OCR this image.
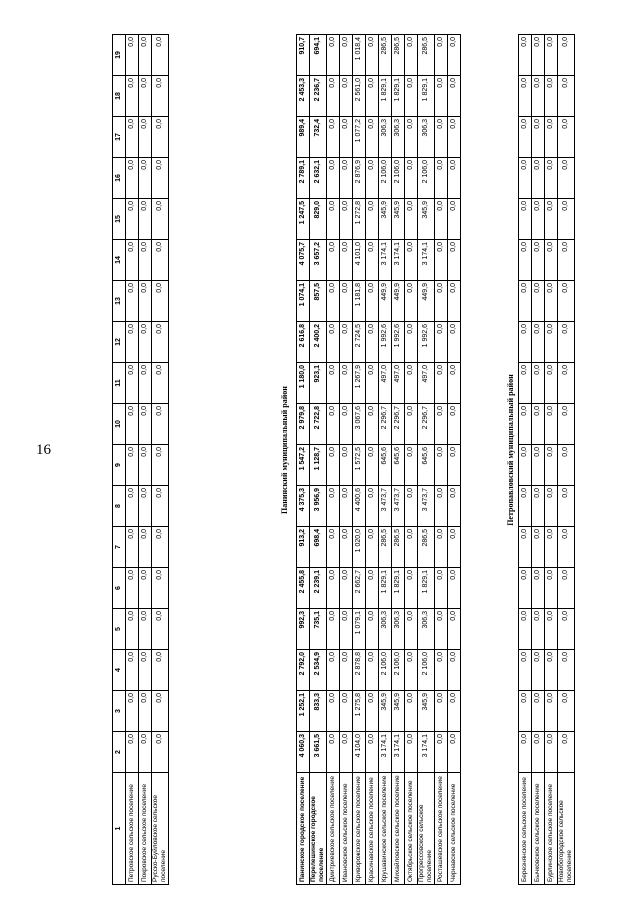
16
1	2	3	4	5	6	7	8	9	10	11	12	13	14	15	16	17	18	19
Петровское сельское поселение	0,0	0,0	0,0	0,0	0,0	0,0	0,0	0,0	0,0	0,0	0,0	0,0	0,0	0,0	0,0	0,0	0,0	0,0
Покровское сельское поселение	0,0	0,0	0,0	0,0	0,0	0,0	0,0	0,0	0,0	0,0	0,0	0,0	0,0	0,0	0,0	0,0	0,0	0,0
Русско-Буйловское сельское поселение	0,0	0,0	0,0	0,0	0,0	0,0	0,0	0,0	0,0	0,0	0,0	0,0	0,0	0,0	0,0	0,0	0,0	0,0
Панинский муниципальный район
Панинское городское поселение	4 060,3	1 252,1	2 792,0	992,3	2 455,8	913,2	4 375,3	1 547,2	2 979,8	1 180,0	2 616,8	1 074,1	4 075,7	1 247,5	2 789,1	989,4	2 453,3	910,7
Перелешинское городское поселение	3 661,5	833,3	2 534,9	735,1	2 239,1	698,4	3 956,9	1 128,7	2 722,8	923,1	2 400,2	857,5	3 657,2	829,0	2 632,1	732,4	2 236,7	694,1
Дмитриевское сельское поселение	0,0	0,0	0,0	0,0	0,0	0,0	0,0	0,0	0,0	0,0	0,0	0,0	0,0	0,0	0,0	0,0	0,0	0,0
Ивановское сельское поселение	0,0	0,0	0,0	0,0	0,0	0,0	0,0	0,0	0,0	0,0	0,0	0,0	0,0	0,0	0,0	0,0	0,0	0,0
Криворожское сельское поселение	4 104,0	1 275,8	2 878,8	1 079,1	2 662,7	1 020,0	4 400,6	1 572,5	3 067,6	1 267,9	2 724,5	1 181,8	4 101,0	1 272,8	2 876,9	1 077,2	2 561,0	1 018,4
Красинавское сельское поселение	0,0	0,0	0,0	0,0	0,0	0,0	0,0	0,0	0,0	0,0	0,0	0,0	0,0	0,0	0,0	0,0	0,0	0,0
Крушавинское сельское поселение	3 174,1	345,9	2 106,0	306,3	1 829,1	286,5	3 473,7	645,6	2 296,7	497,0	1 992,6	449,9	3 174,1	345,9	2 106,0	306,3	1 829,1	286,5
Михайловское сельское поселение	3 174,1	345,9	2 106,0	306,3	1 829,1	286,5	3 473,7	645,6	2 296,7	497,0	1 992,6	449,9	3 174,1	345,9	2 106,0	306,3	1 829,1	286,5
Октябрьское сельское поселение	0,0	0,0	0,0	0,0	0,0	0,0	0,0	0,0	0,0	0,0	0,0	0,0	0,0	0,0	0,0	0,0	0,0	0,0
Прогрессовское сельское поселение	3 174,1	345,9	2 106,0	306,3	1 829,1	286,5	3 473,7	645,6	2 296,7	497,0	1 992,6	449,9	3 174,1	345,9	2 106,0	306,3	1 829,1	286,5
Росташевское сельское поселение	0,0	0,0	0,0	0,0	0,0	0,0	0,0	0,0	0,0	0,0	0,0	0,0	0,0	0,0	0,0	0,0	0,0	0,0
Чернавское сельское поселение	0,0	0,0	0,0	0,0	0,0	0,0	0,0	0,0	0,0	0,0	0,0	0,0	0,0	0,0	0,0	0,0	0,0	0,0
Петропавловский муниципальный район
Березнянское сельское поселение	0,0	0,0	0,0	0,0	0,0	0,0	0,0	0,0	0,0	0,0	0,0	0,0	0,0	0,0	0,0	0,0	0,0	0,0
Бычковское сельское поселение	0,0	0,0	0,0	0,0	0,0	0,0	0,0	0,0	0,0	0,0	0,0	0,0	0,0	0,0	0,0	0,0	0,0	0,0
Бурлинское сельское поселение	0,0	0,0	0,0	0,0	0,0	0,0	0,0	0,0	0,0	0,0	0,0	0,0	0,0	0,0	0,0	0,0	0,0	0,0
Новобогородское сельское поселение	0,0	0,0	0,0	0,0	0,0	0,0	0,0	0,0	0,0	0,0	0,0	0,0	0,0	0,0	0,0	0,0	0,0	0,0
